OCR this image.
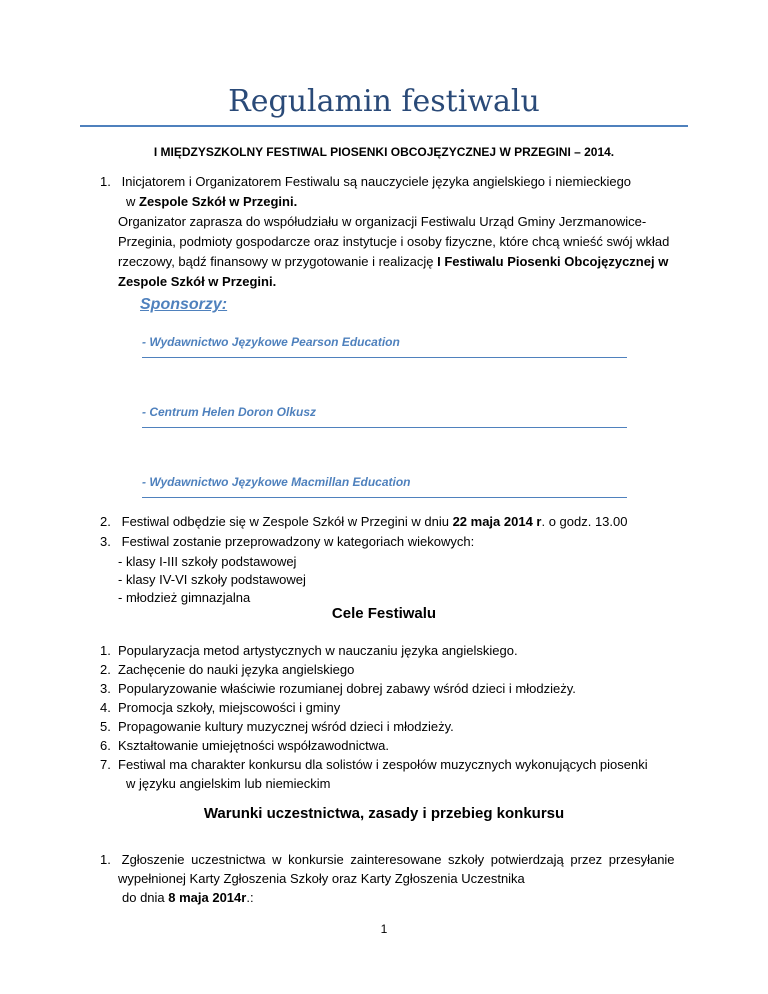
Regulamin festiwalu
I MIĘDZYSZKOLNY FESTIWAL PIOSENKI OBCOJĘZYCZNEJ W PRZEGINI – 2014.
1. Inicjatorem i Organizatorem Festiwalu są nauczyciele języka angielskiego i niemieckiego
w Zespole Szkół w Przegini.
Organizator zaprasza do współudziału w organizacji Festiwalu Urząd Gminy Jerzmanowice-
Przeginia, podmioty gospodarcze oraz instytucje i osoby fizyczne, które chcą wnieść swój wkład
rzeczowy, bądź finansowy w przygotowanie i realizację I Festiwalu Piosenki Obcojęzycznej w
Zespole Szkół w Przegini.
Sponsorzy:
- Wydawnictwo Językowe Pearson Education
- Centrum Helen Doron Olkusz
- Wydawnictwo Językowe Macmillan Education
2. Festiwal odbędzie się w Zespole Szkół w Przegini w dniu 22 maja 2014 r. o godz. 13.00
3. Festiwal zostanie przeprowadzony w kategoriach wiekowych:
- klasy I-III szkoły podstawowej
- klasy IV-VI szkoły podstawowej
- młodzież gimnazjalna
Cele Festiwalu
1. Popularyzacja metod artystycznych w nauczaniu języka angielskiego.
2. Zachęcenie do nauki języka angielskiego
3. Popularyzowanie właściwie rozumianej dobrej zabawy wśród dzieci i młodzieży.
4. Promocja szkoły, miejscowości i gminy
5. Propagowanie kultury muzycznej wśród dzieci i młodzieży.
6. Kształtowanie umiejętności współzawodnictwa.
7. Festiwal ma charakter konkursu dla solistów i zespołów muzycznych wykonujących piosenki
w języku angielskim lub niemieckim
Warunki uczestnictwa, zasady i przebieg konkursu
1. Zgłoszenie uczestnictwa w konkursie zainteresowane szkoły potwierdzają przez przesyłanie
wypełnionej Karty Zgłoszenia Szkoły oraz Karty Zgłoszenia Uczestnika
do dnia 8 maja 2014r.:
1
